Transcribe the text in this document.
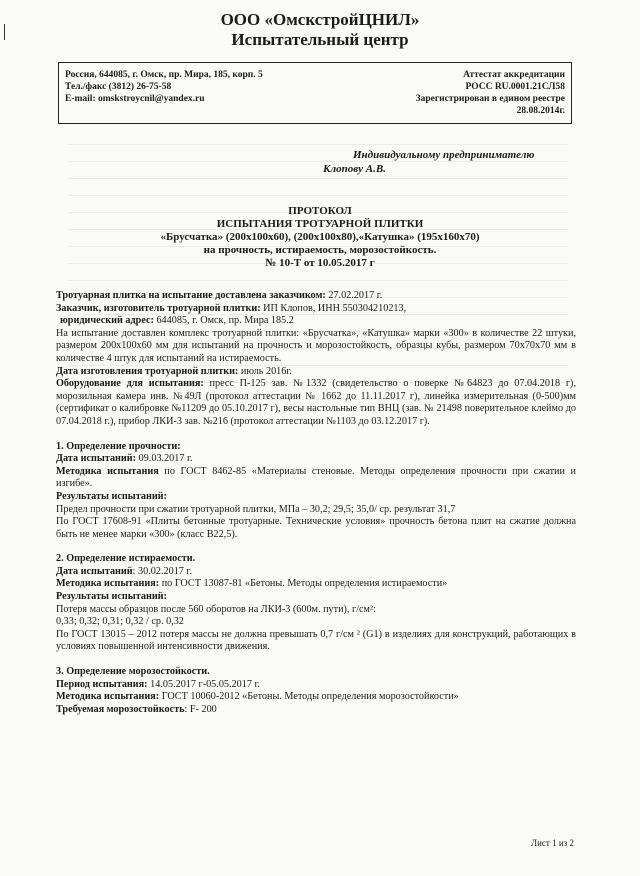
ООО «ОмскстройЦНИЛ»
Испытательный центр
Россия, 644085, г. Омск, пр. Мира, 185, корп. 5
Тел./факс (3812) 26-75-58
E-mail: omskstroycnil@yandex.ru
Аттестат аккредитации
РОСС RU.0001.21СЛ58
Зарегистрирован в едином реестре
28.08.2014г.
Индивидуальному предпринимателю
Клопову А.В.
ПРОТОКОЛ
ИСПЫТАНИЯ ТРОТУАРНОЙ ПЛИТКИ
«Брусчатка» (200х100х60), (200х100х80),«Катушка» (195х160х70)
на прочность, истираемость, морозостойкость.
№ 10-Т от 10.05.2017 г

Тротуарная плитка на испытание доставлена заказчиком: 27.02.2017 г.

Заказчик, изготовитель тротуарной плитки: ИП Клопов, ИНН 550304210213,

юридический адрес: 644085, г. Омск, пр. Мира 185.2

На испытание доставлен комплекс тротуарной плитки: «Брусчатка», «Катушка» марки «300» в количестве 22 штуки, размером 200х100х60 мм для испытаний на прочность и морозостойкость, образцы кубы, размером 70х70х70 мм в количестве 4 штук для испытаний на истираемость.

Дата изготовления тротуарной плитки: июль 2016г.

Оборудование для испытания: пресс П-125 зав. №1332 (свидетельство о поверке №64823 до 07.04.2018 г), морозильная камера инв. №49Л (протокол аттестации № 1662 до 11.11.2017 г), линейка измерительная (0-500)мм (сертификат о калибровке №11209 до 05.10.2017 г), весы настольные тип ВНЦ (зав. № 21498 поверительное клеймо до 07.04.2018 г.), прибор ЛКИ-3 зав. №216 (протокол аттестации №1103 до 03.12.2017 г).

1. Определение прочности:

Дата испытаний: 09.03.2017 г.

Методика испытания по ГОСТ 8462-85 «Материалы стеновые. Методы определения прочности при сжатии и изгибе».

Результаты испытаний:

Предел прочности при сжатии тротуарной плитки, МПа – 30,2; 29,5; 35,0/ ср. результат 31,7

По ГОСТ 17608-91 «Плиты бетонные тротуарные. Технические условия» прочность бетона плит на сжатие должна быть не менее марки «300» (класс В22,5).

2. Определение истираемости.

Дата испытаний: 30.02.2017 г.

Методика испытания: по ГОСТ 13087-81 «Бетоны. Методы определения истираемости»

Результаты испытаний:

Потеря массы образцов после 560 оборотов на ЛКИ-3 (600м. пути), г/см²:

0,33; 0,32; 0,31; 0,32 / ср. 0,32

По ГОСТ 13015 – 2012 потеря массы не должна превышать 0,7 г/см ² (G1) в изделиях для конструкций, работающих в условиях повышенной интенсивности движения.

3. Определение морозостойкости.

Период испытания: 14.05.2017 г-05.05.2017 г.

Методика испытания: ГОСТ 10060-2012 «Бетоны. Методы определения морозостойкости»

Требуемая морозостойкость: F- 200

Лист 1 из 2
